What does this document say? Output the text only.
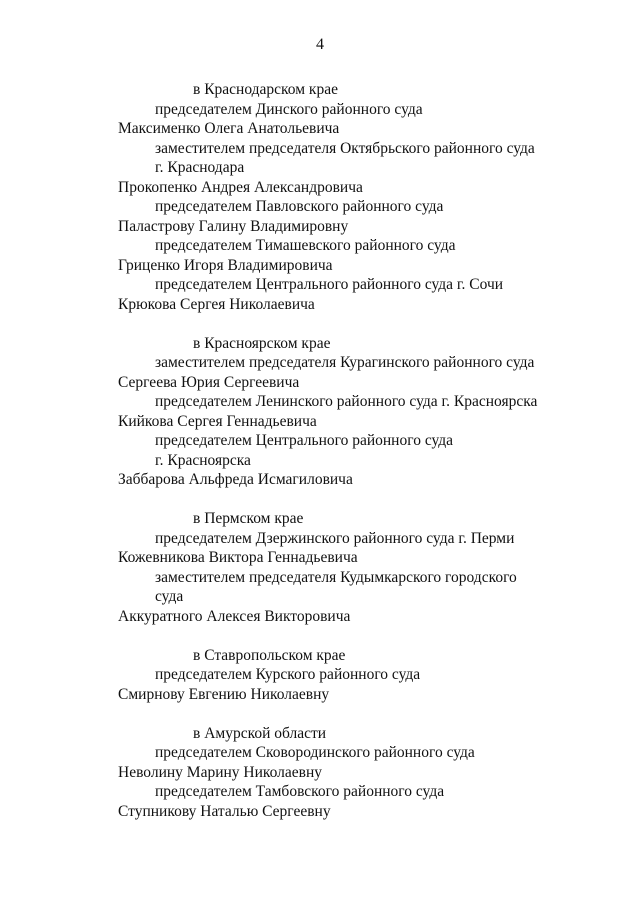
4
в Краснодарском крае
председателем Динского районного суда
Максименко Олега Анатольевича
заместителем председателя Октябрьского районного суда
г. Краснодара
Прокопенко Андрея Александровича
председателем Павловского районного суда
Паластрову Галину Владимировну
председателем Тимашевского районного суда
Гриценко Игоря Владимировича
председателем Центрального районного суда г. Сочи
Крюкова Сергея Николаевича
в Красноярском крае
заместителем председателя Курагинского районного суда
Сергеева Юрия Сергеевича
председателем Ленинского районного суда г. Красноярска
Кийкова Сергея Геннадьевича
председателем Центрального районного суда
г. Красноярска
Заббарова Альфреда Исмагиловича
в Пермском крае
председателем Дзержинского районного суда г. Перми
Кожевникова Виктора Геннадьевича
заместителем председателя Кудымкарского городского
суда
Аккуратного Алексея Викторовича
в Ставропольском крае
председателем Курского районного суда
Смирнову Евгению Николаевну
в Амурской области
председателем Сковородинского районного суда
Неволину Марину Николаевну
председателем Тамбовского районного суда
Ступникову Наталью Сергеевну
